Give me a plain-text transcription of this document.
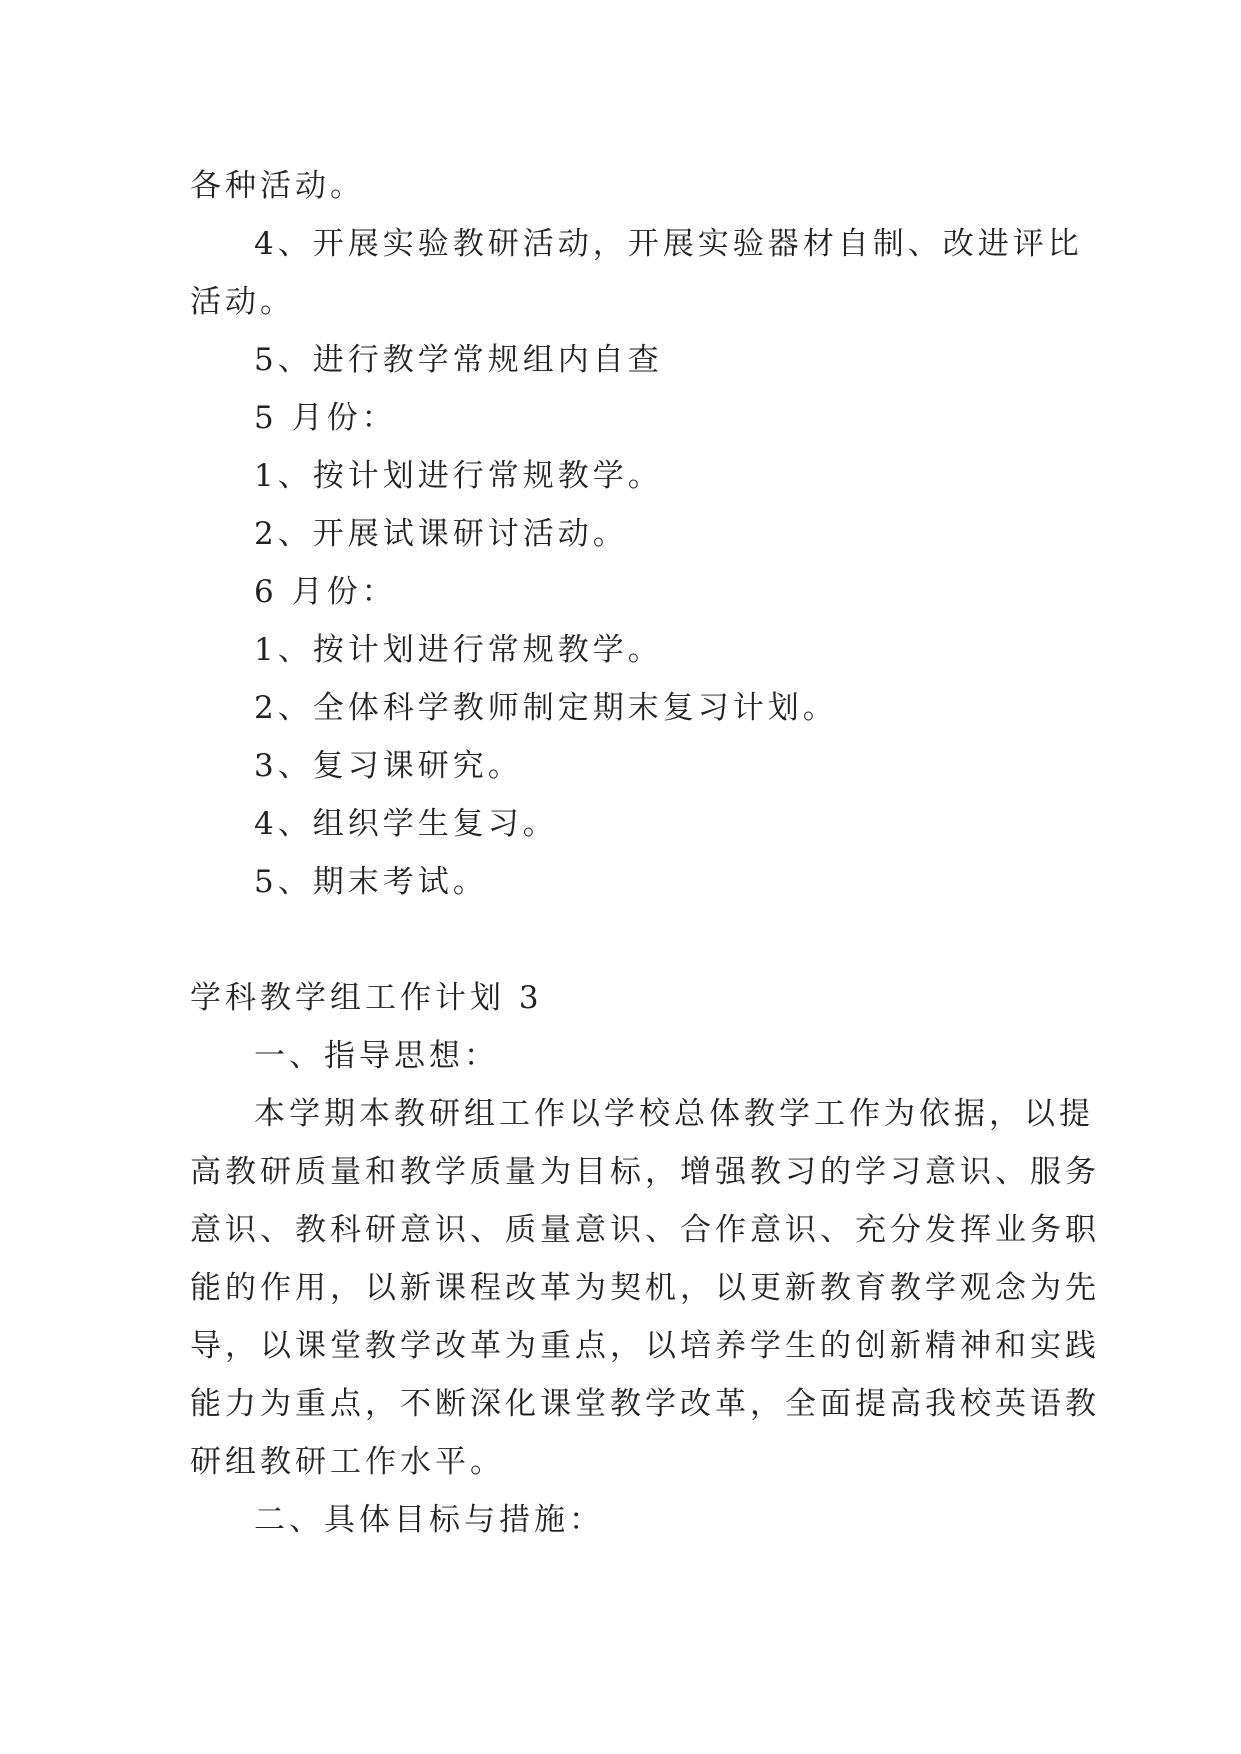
各种活动。
4、开展实验教研活动，开展实验器材自制、改进评比
活动。
5、进行教学常规组内自查
5 月份：
1、按计划进行常规教学。
2、开展试课研讨活动。
6 月份：
1、按计划进行常规教学。
2、全体科学教师制定期末复习计划。
3、复习课研究。
4、组织学生复习。
5、期末考试。
学科教学组工作计划 3
一、指导思想：
本学期本教研组工作以学校总体教学工作为依据，以提
高教研质量和教学质量为目标，增强教习的学习意识、服务
意识、教科研意识、质量意识、合作意识、充分发挥业务职
能的作用，以新课程改革为契机，以更新教育教学观念为先
导，以课堂教学改革为重点，以培养学生的创新精神和实践
能力为重点，不断深化课堂教学改革，全面提高我校英语教
研组教研工作水平。
二、具体目标与措施：
